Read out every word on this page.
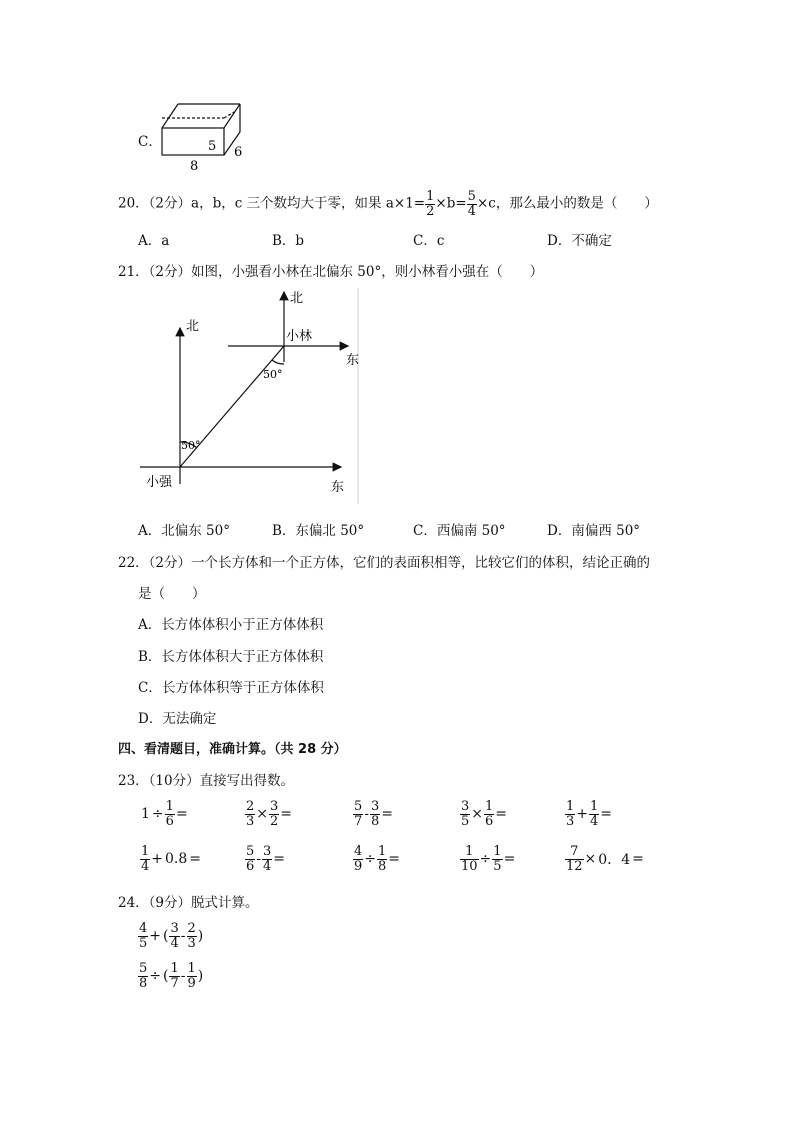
C．	5
8
6
20．（2分）a，b，c 三个数均大于零，如果 $a\times 1= \frac{1}{2} \times b= \frac{5}{4} \times c$，那么最小的数是（　　）
A．a	B．b	C．c	D．不确定
21．（2分）如图，小强看小林在北偏东 50°，则小林看小强在（　　）
北
北
东
东
小林
小强
50°
50°
A．北偏东 50°	B．东偏北 50°	C．西偏南 50°	D．南偏西 50°
22．（2分）一个长方体和一个正方体，它们的表面积相等，比较它们的体积，结论正确的
是（　　）
A．长方体体积小于正方体体积
B．长方体体积大于正方体体积
C．长方体体积等于正方体体积
D．无法确定
四、看清题目，准确计算。（共 28 分）
23．（10分）直接写出得数。
$1 \div \frac{1}{6}$ =	$\frac{2}{3} \times \frac{3}{2}$ =	$\frac{5}{7} - \frac{3}{8}$ =	$\frac{3}{5} \times \frac{1}{6}$ =	$\frac{1}{3} + \frac{1}{4}$ =
$\frac{1}{4} + 0.8$ =	$\frac{5}{6} - \frac{3}{4}$ =	$\frac{4}{9} \div \frac{1}{8}$ =	$\frac{1}{10} \div \frac{1}{5}$ =	$\frac{7}{12} \times 0$．4 =
24．（9分）脱式计算。
$\frac{4}{5}$ + ( $\frac{3}{4} - \frac{2}{3}$ )
$\frac{5}{8}$ ÷ ( $\frac{1}{7} - \frac{1}{9}$ )
